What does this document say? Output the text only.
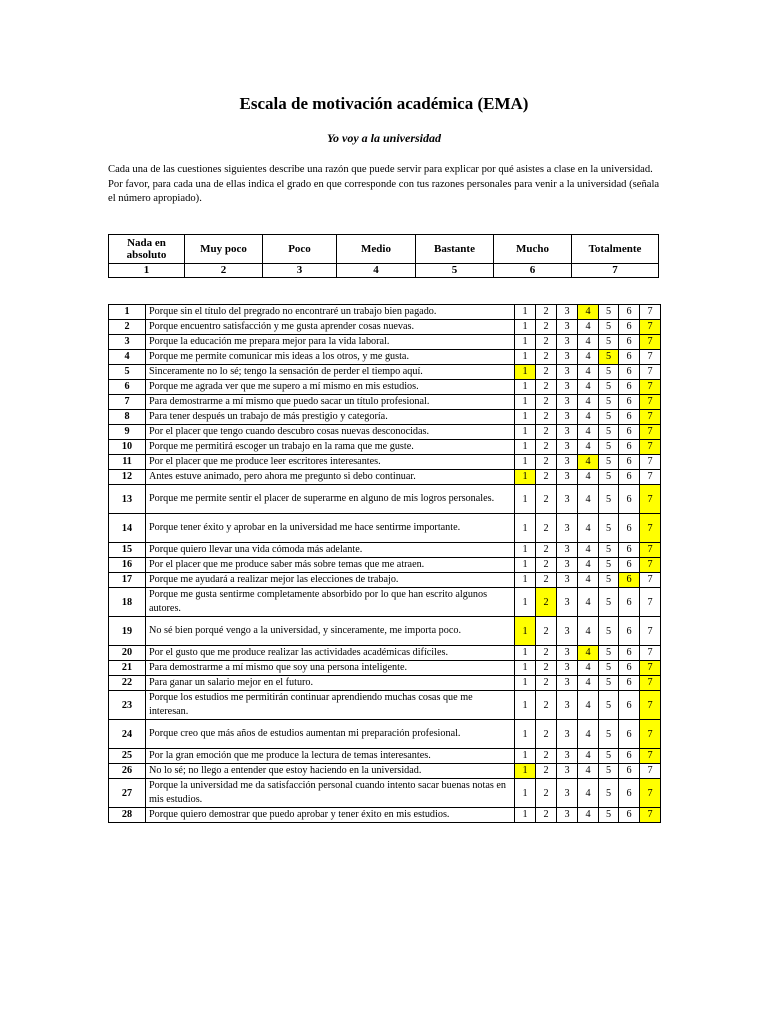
Escala de motivación académica (EMA)
Yo voy a la universidad
Cada una de las cuestiones siguientes describe una razón que puede servir para explicar por qué asistes a clase en la universidad. Por favor, para cada una de ellas indica el grado en que corresponde con tus razones personales para venir a la universidad (señala el número apropiado).
Nada en absoluto	Muy poco	Poco	Medio	Bastante	Mucho	Totalmente
1	2	3	4	5	6	7
1	Porque sin el título del pregrado no encontraré un trabajo bien pagado.	1	2	3	4	5	6	7
2	Porque encuentro satisfacción y me gusta aprender cosas nuevas.	1	2	3	4	5	6	7
3	Porque la educación me prepara mejor para la vida laboral.	1	2	3	4	5	6	7
4	Porque me permite comunicar mis ideas a los otros, y me gusta.	1	2	3	4	5	6	7
5	Sinceramente no lo sé; tengo la sensación de perder el tiempo aquí.	1	2	3	4	5	6	7
6	Porque me agrada ver que me supero a mí mismo en mis estudios.	1	2	3	4	5	6	7
7	Para demostrarme a mí mismo que puedo sacar un título profesional.	1	2	3	4	5	6	7
8	Para tener después un trabajo de más prestigio y categoría.	1	2	3	4	5	6	7
9	Por el placer que tengo cuando descubro cosas nuevas desconocidas.	1	2	3	4	5	6	7
10	Porque me permitirá escoger un trabajo en la rama que me guste.	1	2	3	4	5	6	7
11	Por el placer que me produce leer escritores interesantes.	1	2	3	4	5	6	7
12	Antes estuve animado, pero ahora me pregunto si debo continuar.	1	2	3	4	5	6	7
13	Porque me permite sentir el placer de superarme en alguno de mis logros personales.	1	2	3	4	5	6	7
14	Porque tener éxito y aprobar en la universidad me hace sentirme importante.	1	2	3	4	5	6	7
15	Porque quiero llevar una vida cómoda más adelante.	1	2	3	4	5	6	7
16	Por el placer que me produce saber más sobre temas que me atraen.	1	2	3	4	5	6	7
17	Porque me ayudará a realizar mejor las elecciones de trabajo.	1	2	3	4	5	6	7
18	Porque me gusta sentirme completamente absorbido por lo que han escrito algunos autores.	1	2	3	4	5	6	7
19	No sé bien porqué vengo a la universidad, y sinceramente, me importa poco.	1	2	3	4	5	6	7
20	Por el gusto que me produce realizar las actividades académicas difíciles.	1	2	3	4	5	6	7
21	Para demostrarme a mí mismo que soy una persona inteligente.	1	2	3	4	5	6	7
22	Para ganar un salario mejor en el futuro.	1	2	3	4	5	6	7
23	Porque los estudios me permitirán continuar aprendiendo muchas cosas que me interesan.	1	2	3	4	5	6	7
24	Porque creo que más años de estudios aumentan mi preparación profesional.	1	2	3	4	5	6	7
25	Por la gran emoción que me produce la lectura de temas interesantes.	1	2	3	4	5	6	7
26	No lo sé; no llego a entender que estoy haciendo en la universidad.	1	2	3	4	5	6	7
27	Porque la universidad me da satisfacción personal cuando intento sacar buenas notas en mis estudios.	1	2	3	4	5	6	7
28	Porque quiero demostrar que puedo aprobar y tener éxito en mis estudios.	1	2	3	4	5	6	7
